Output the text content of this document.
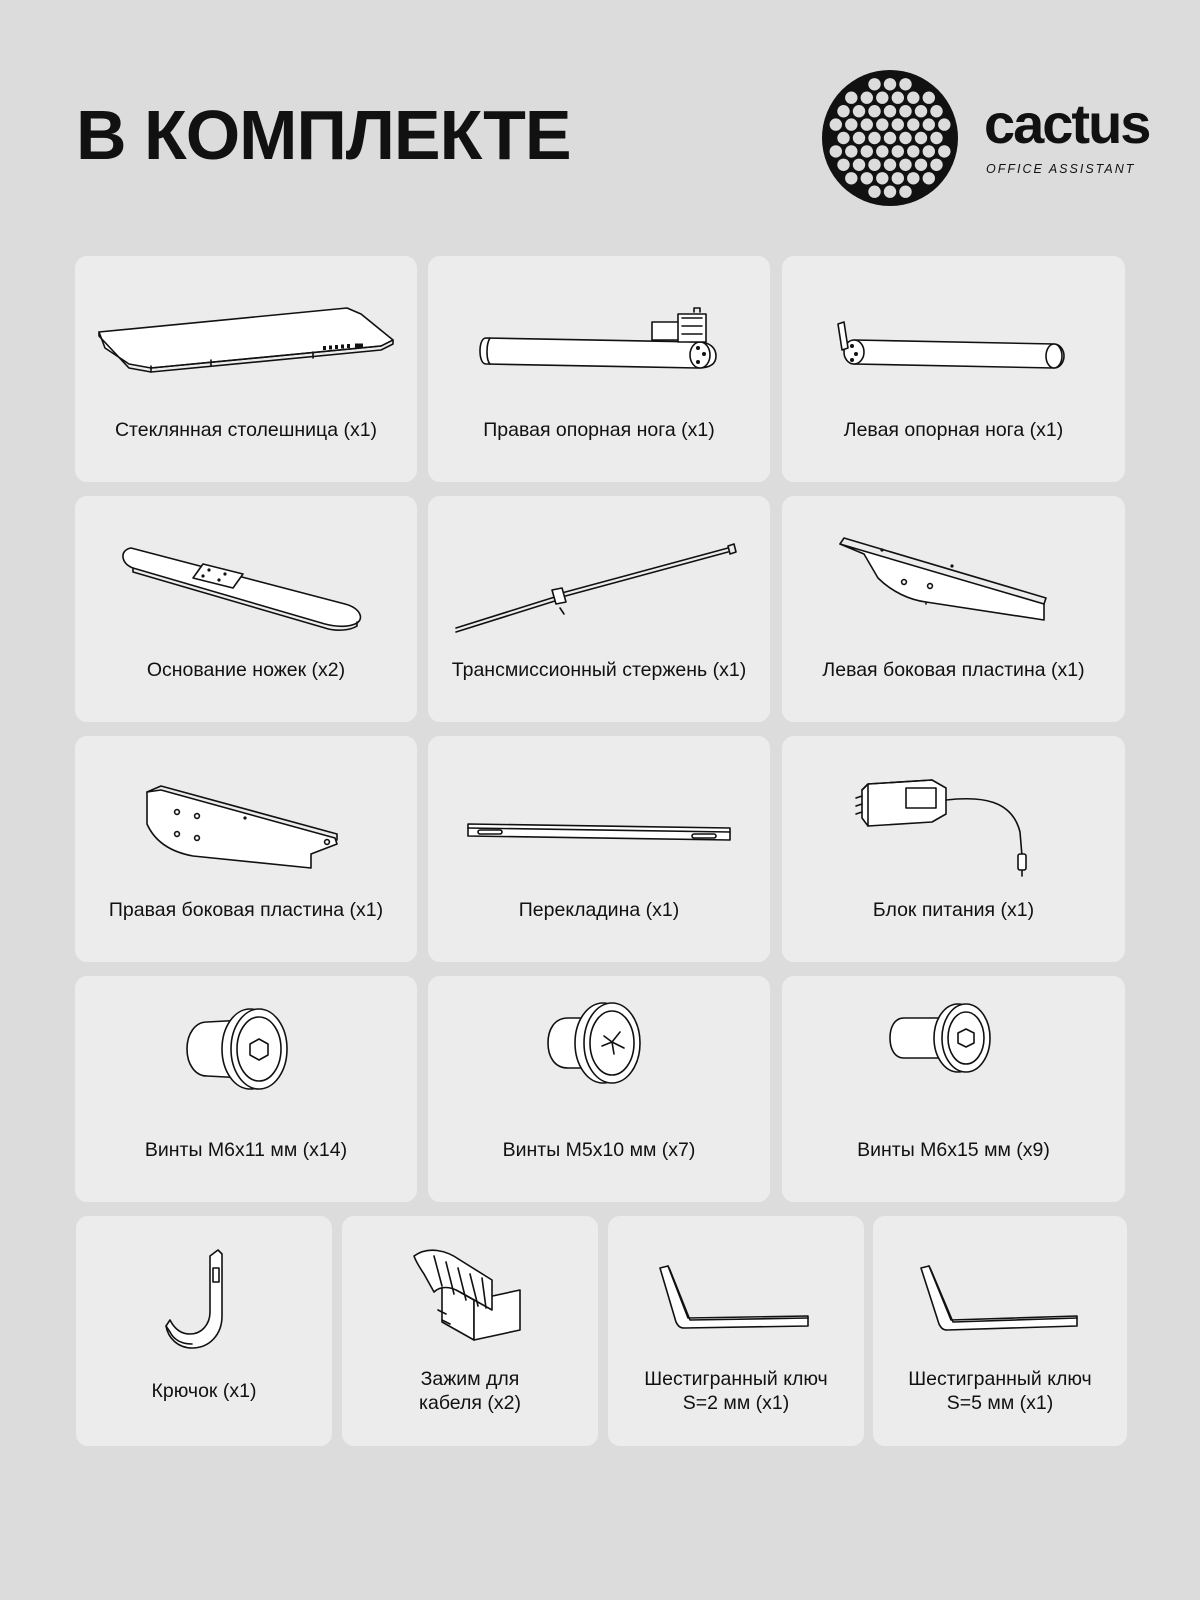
В КОМПЛЕКТЕ	cactus
OFFICE ASSISTANT
Стеклянная столешница (x1)	Правая опорная нога (x1)	Левая опорная нога (x1)
Основание ножек (x2)	Трансмиссионный стержень (x1)	Левая боковая пластина (x1)
Правая боковая пластина (x1)	Перекладина (x1)	Блок питания (x1)
Винты M6x11 мм (x14)	Винты M5x10 мм (x7)	Винты M6x15 мм (x9)
Крючок (x1)
Зажим для
кабеля (x2)
Шестигранный ключ
S=2 мм (x1)
Шестигранный ключ
S=5 мм (x1)
